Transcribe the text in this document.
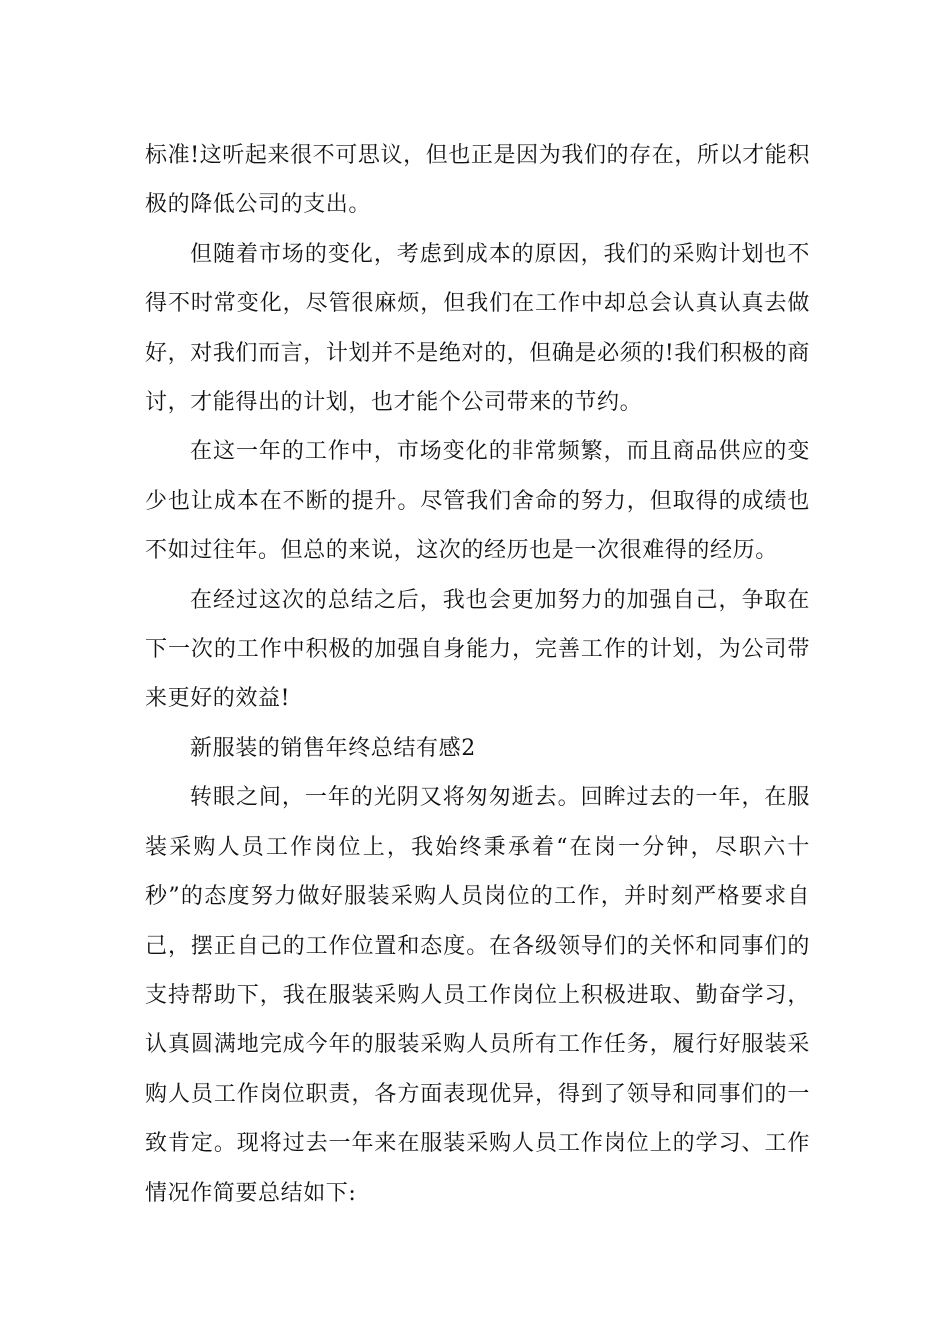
标准!这听起来很不可思议，但也正是因为我们的存在，所以才能积极的降低公司的支出。

但随着市场的变化，考虑到成本的原因，我们的采购计划也不得不时常变化，尽管很麻烦，但我们在工作中却总会认真认真去做好，对我们而言，计划并不是绝对的，但确是必须的!我们积极的商讨，才能得出的计划，也才能个公司带来的节约。

在这一年的工作中，市场变化的非常频繁，而且商品供应的变少也让成本在不断的提升。尽管我们舍命的努力，但取得的成绩也不如过往年。但总的来说，这次的经历也是一次很难得的经历。

在经过这次的总结之后，我也会更加努力的加强自己，争取在下一次的工作中积极的加强自身能力，完善工作的计划，为公司带来更好的效益!

新服装的销售年终总结有感2

转眼之间，一年的光阴又将匆匆逝去。回眸过去的一年，在服装采购人员工作岗位上，我始终秉承着“在岗一分钟，尽职六十秒”的态度努力做好服装采购人员岗位的工作，并时刻严格要求自己，摆正自己的工作位置和态度。在各级领导们的关怀和同事们的支持帮助下，我在服装采购人员工作岗位上积极进取、勤奋学习，认真圆满地完成今年的服装采购人员所有工作任务，履行好服装采购人员工作岗位职责，各方面表现优异，得到了领导和同事们的一致肯定。现将过去一年来在服装采购人员工作岗位上的学习、工作情况作简要总结如下:
